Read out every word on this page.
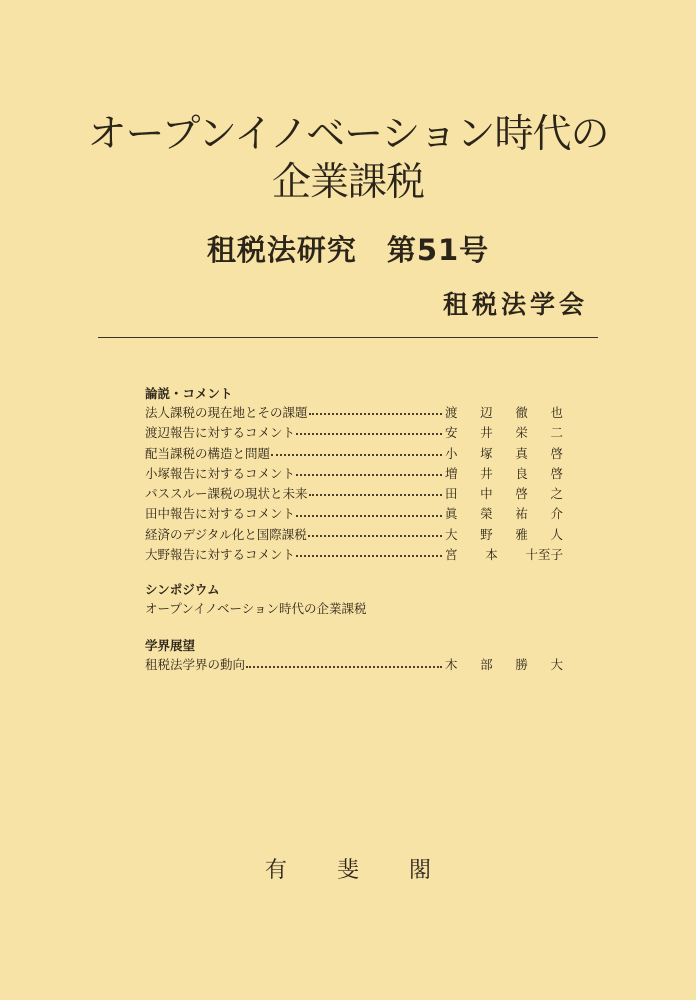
オープンイノベーション時代の
企業課税
租税法研究　第51号
租税法学会
論説・コメント
法人課税の現在地とその課題	渡 辺 徹 也
渡辺報告に対するコメント	安 井 栄 二
配当課税の構造と問題	小 塚 真 啓
小塚報告に対するコメント	増 井 良 啓
パススルー課税の現状と未来	田 中 啓 之
田中報告に対するコメント	眞 榮 祐 介
経済のデジタル化と国際課税	大 野 雅 人
大野報告に対するコメント	宮 本 十至子
シンポジウム
オープンイノベーション時代の企業課税
学界展望
租税法学界の動向	木 部 勝 大
有　斐　閣
